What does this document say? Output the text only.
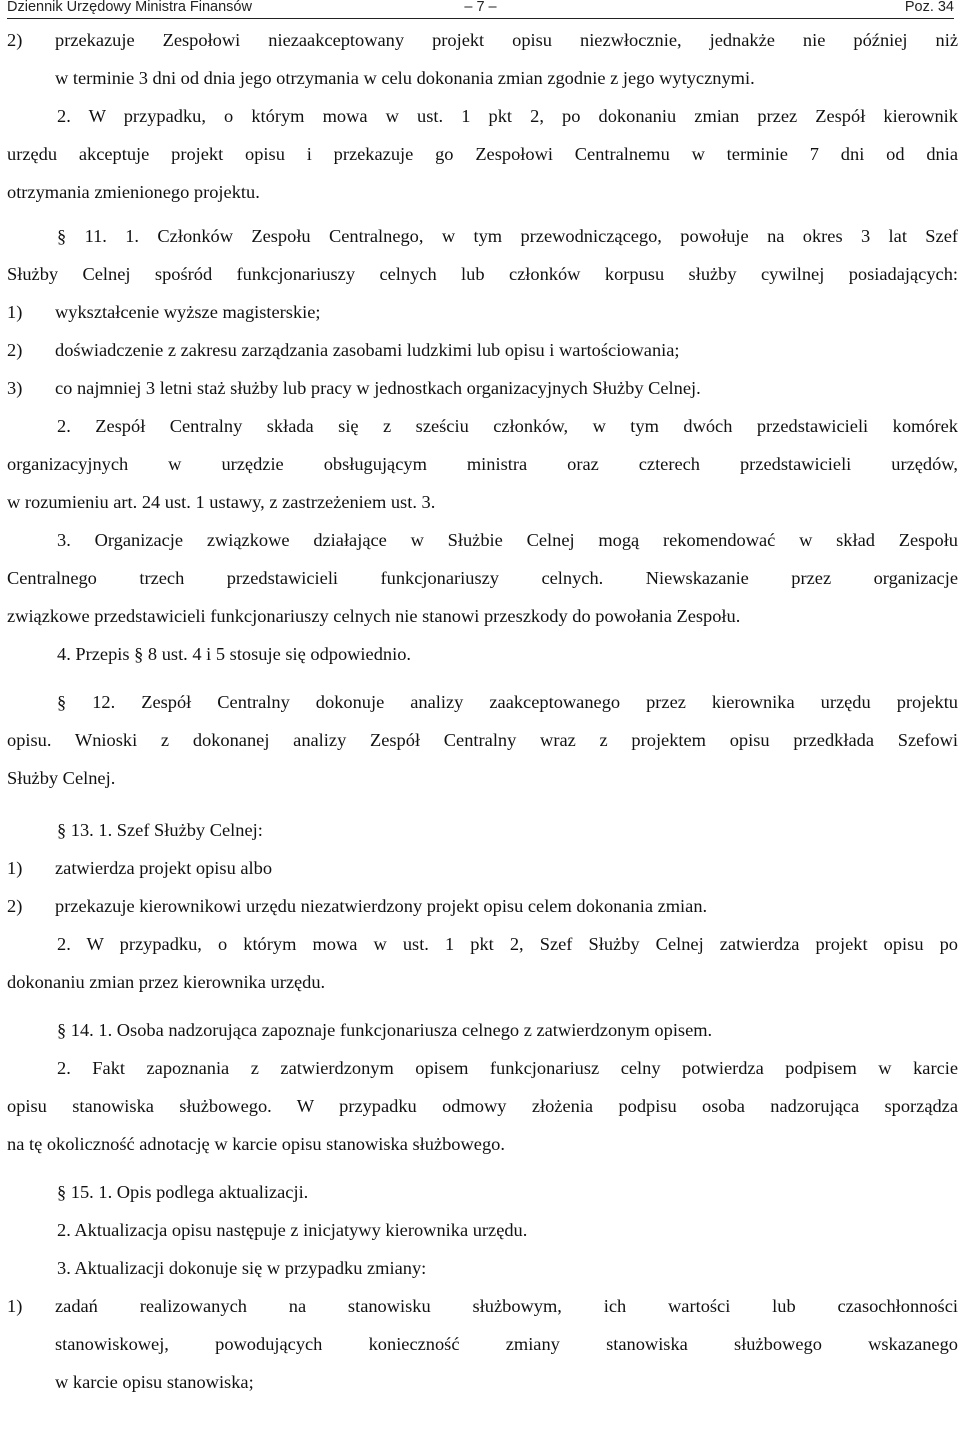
Dziennik Urzędowy Ministra Finansów	– 7 –	Poz. 34
2)	przekazuje Zespołowi niezaakceptowany projekt opisu niezwłocznie, jednakże nie później niż
w terminie 3 dni od dnia jego otrzymania w celu dokonania zmian zgodnie z jego wytycznymi.
2. W przypadku, o którym mowa w ust. 1 pkt 2, po dokonaniu zmian przez Zespół kierownik
urzędu akceptuje projekt opisu i przekazuje go Zespołowi Centralnemu w terminie 7 dni od dnia
otrzymania zmienionego projektu.
§ 11. 1. Członków Zespołu Centralnego, w tym przewodniczącego, powołuje na okres 3 lat Szef
Służby Celnej spośród funkcjonariuszy celnych lub członków korpusu służby cywilnej posiadających:
1)	wykształcenie wyższe magisterskie;
2)	doświadczenie z zakresu zarządzania zasobami ludzkimi lub opisu i wartościowania;
3)	co najmniej 3 letni staż służby lub pracy w jednostkach organizacyjnych Służby Celnej.
2. Zespół Centralny składa się z sześciu członków, w tym dwóch przedstawicieli komórek
organizacyjnych w urzędzie obsługującym ministra oraz czterech przedstawicieli urzędów,
w rozumieniu art. 24 ust. 1 ustawy, z zastrzeżeniem ust. 3.
3. Organizacje związkowe działające w Służbie Celnej mogą rekomendować w skład Zespołu
Centralnego trzech przedstawicieli funkcjonariuszy celnych. Niewskazanie przez organizacje
związkowe przedstawicieli funkcjonariuszy celnych nie stanowi przeszkody do powołania Zespołu.
4. Przepis § 8 ust. 4 i 5 stosuje się odpowiednio.
§ 12. Zespół Centralny dokonuje analizy zaakceptowanego przez kierownika urzędu projektu
opisu. Wnioski z dokonanej analizy Zespół Centralny wraz z projektem opisu przedkłada Szefowi
Służby Celnej.
§ 13. 1. Szef Służby Celnej:
1)	zatwierdza projekt opisu albo
2)	przekazuje kierownikowi urzędu niezatwierdzony projekt opisu celem dokonania zmian.
2. W przypadku, o którym mowa w ust. 1 pkt 2, Szef Służby Celnej zatwierdza projekt opisu po
dokonaniu zmian przez kierownika urzędu.
§ 14. 1. Osoba nadzorująca zapoznaje funkcjonariusza celnego z zatwierdzonym opisem.
2. Fakt zapoznania z zatwierdzonym opisem funkcjonariusz celny potwierdza podpisem w karcie
opisu stanowiska służbowego. W przypadku odmowy złożenia podpisu osoba nadzorująca sporządza
na tę okoliczność adnotację w karcie opisu stanowiska służbowego.
§ 15. 1. Opis podlega aktualizacji.
2. Aktualizacja opisu następuje z inicjatywy kierownika urzędu.
3. Aktualizacji dokonuje się w przypadku zmiany:
1)	zadań realizowanych na stanowisku służbowym, ich wartości lub czasochłonności
stanowiskowej, powodujących konieczność zmiany stanowiska służbowego wskazanego
w karcie opisu stanowiska;
